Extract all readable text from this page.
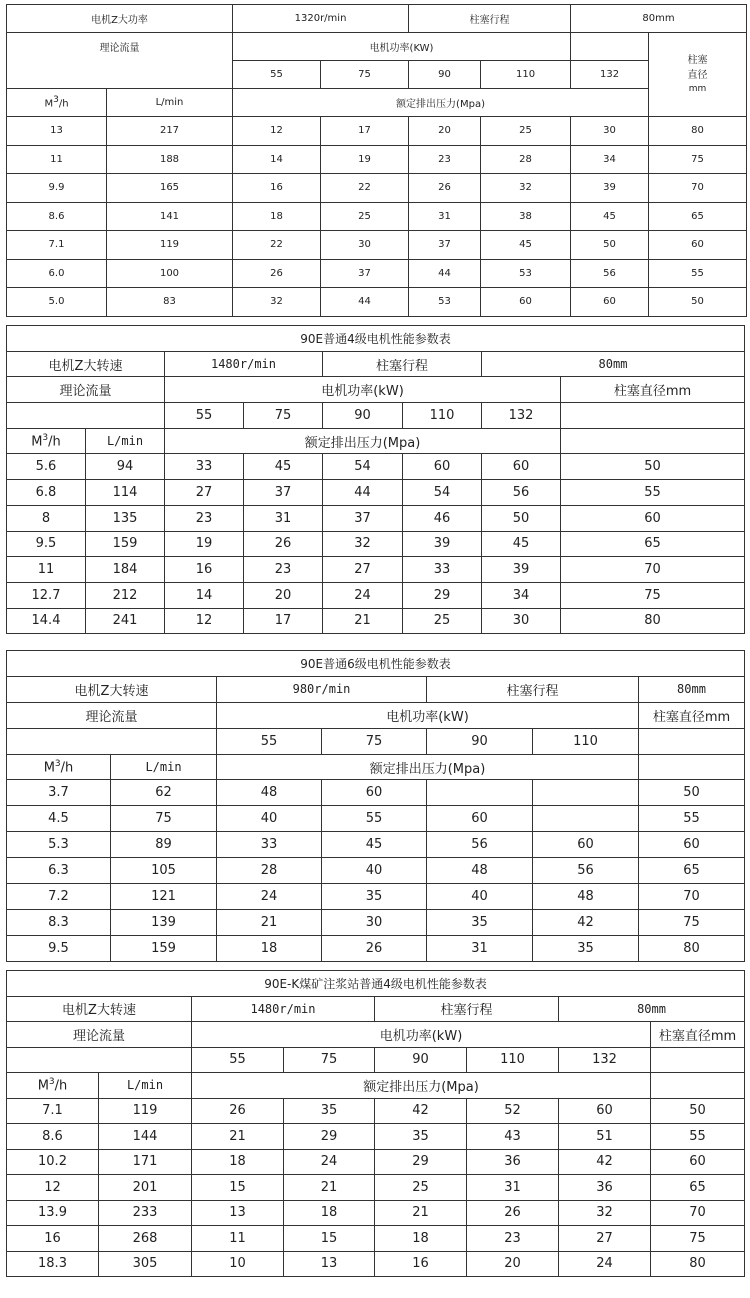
电机Z大功率		1320r/min		柱塞行程		80mm	
理论流量		电机功率(KW)					柱塞
直径
mm

		55	75	90	110	132	
$M^3/h$	L/min	额定排出压力(Mpa)					
13	217	12	17	20	25	30	80
11	188	14	19	23	28	34	75
9.9	165	16	22	26	32	39	70
8.6	141	18	25	31	38	45	65
7.1	119	22	30	37	45	50	60
6.0	100	26	37	44	53	56	55
5.0	83	32	44	53	60	60	50
90E普通4级电机性能参数表							
电机Z大转速		1480r/min		柱塞行程		80mm	
理论流量		电机功率(kW)					柱塞直径mm
		55	75	90	110	132	
$M^3/h$	L/min	额定排出压力(Mpa)					
5.6	94	33	45	54	60	60	50
6.8	114	27	37	44	54	56	55
8	135	23	31	37	46	50	60
9.5	159	19	26	32	39	45	65
11	184	16	23	27	33	39	70
12.7	212	14	20	24	29	34	75
14.4	241	12	17	21	25	30	80
90E普通6级电机性能参数表						
电机Z大转速		980r/min		柱塞行程		80mm
理论流量		电机功率(kW)				柱塞直径mm
		55	75	90	110	
$M^3/h$	L/min	额定排出压力(Mpa)				
3.7	62	48	60			50
4.5	75	40	55	60		55
5.3	89	33	45	56	60	60
6.3	105	28	40	48	56	65
7.2	121	24	35	40	48	70
8.3	139	21	30	35	42	75
9.5	159	18	26	31	35	80
90E-K煤矿注浆站普通4级电机性能参数表							
电机Z大转速		1480r/min		柱塞行程		80mm	
理论流量		电机功率(kW)					柱塞直径mm
		55	75	90	110	132	
$M^3/h$	L/min	额定排出压力(Mpa)					
7.1	119	26	35	42	52	60	50
8.6	144	21	29	35	43	51	55
10.2	171	18	24	29	36	42	60
12	201	15	21	25	31	36	65
13.9	233	13	18	21	26	32	70
16	268	11	15	18	23	27	75
18.3	305	10	13	16	20	24	80
